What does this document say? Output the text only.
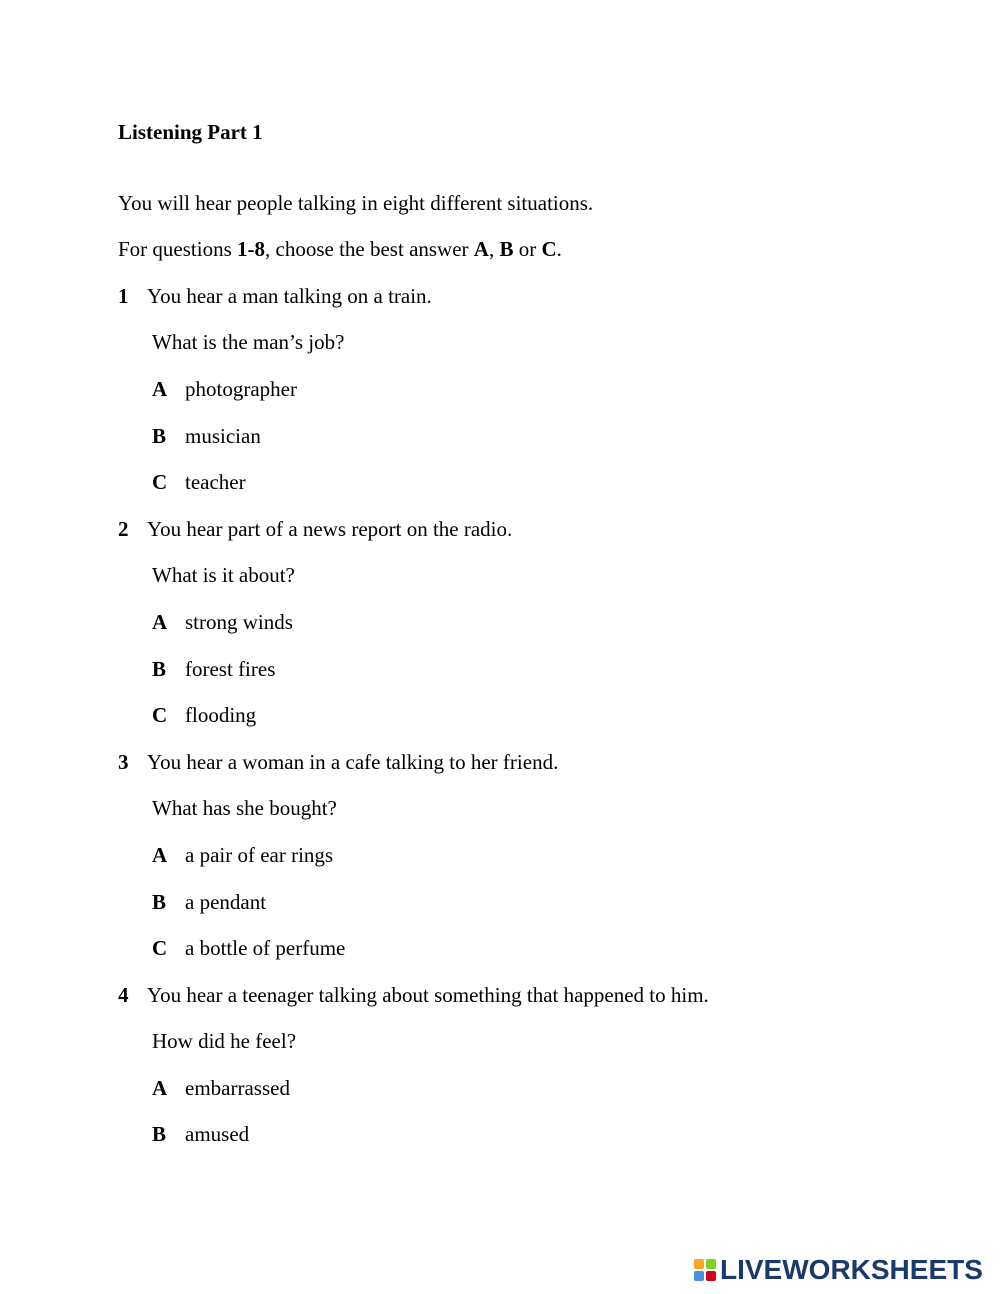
Listening Part 1
You will hear people talking in eight different situations.
For questions 1-8, choose the best answer A, B or C.
1 You hear a man talking on a train.
What is the man’s job?
A photographer
B musician
C teacher
2 You hear part of a news report on the radio.
What is it about?
A strong winds
B forest fires
C flooding
3 You hear a woman in a cafe talking to her friend.
What has she bought?
A a pair of ear rings
B a pendant
C a bottle of perfume
4 You hear a teenager talking about something that happened to him.
How did he feel?
A embarrassed
B amused
LIVEWORKSHEETS
